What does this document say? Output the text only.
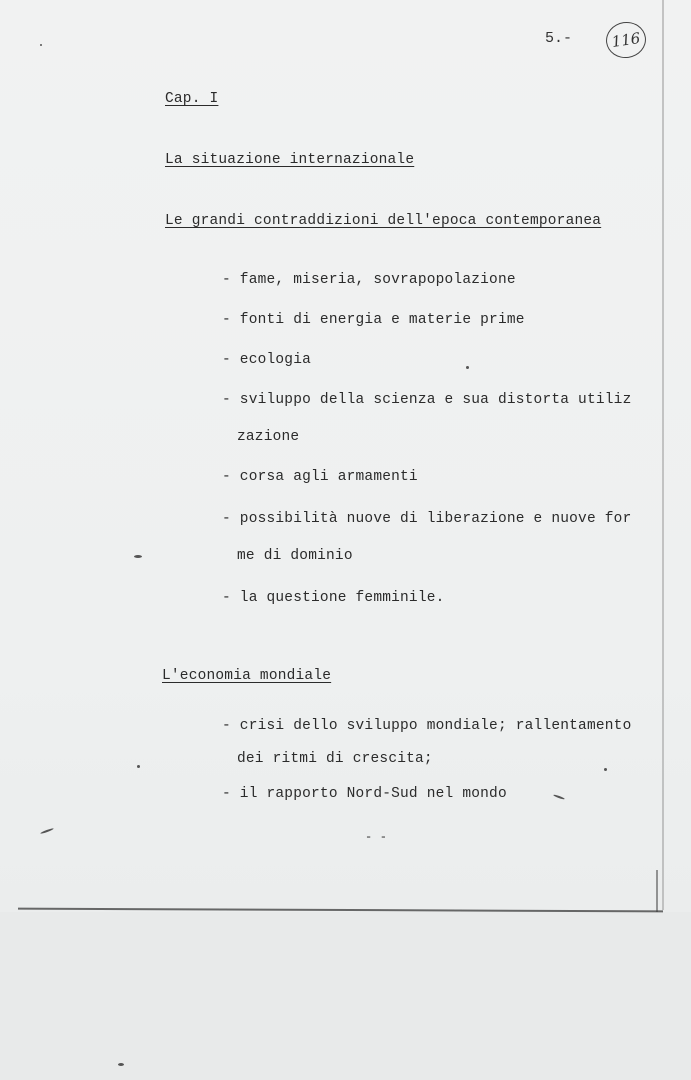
5.-	116
Cap. I
La situazione internazionale
Le grandi contraddizioni dell'epoca contemporanea
- fame, miseria, sovrapopolazione
- fonti di energia e materie prime
- ecologia
- sviluppo della scienza e sua distorta utiliz
zazione
- corsa agli armamenti
- possibilità nuove di liberazione e nuove for
me di dominio
- la questione femminile.
L'economia mondiale
- crisi dello sviluppo mondiale; rallentamento
dei ritmi di crescita;
- il rapporto Nord-Sud nel mondo
- -
